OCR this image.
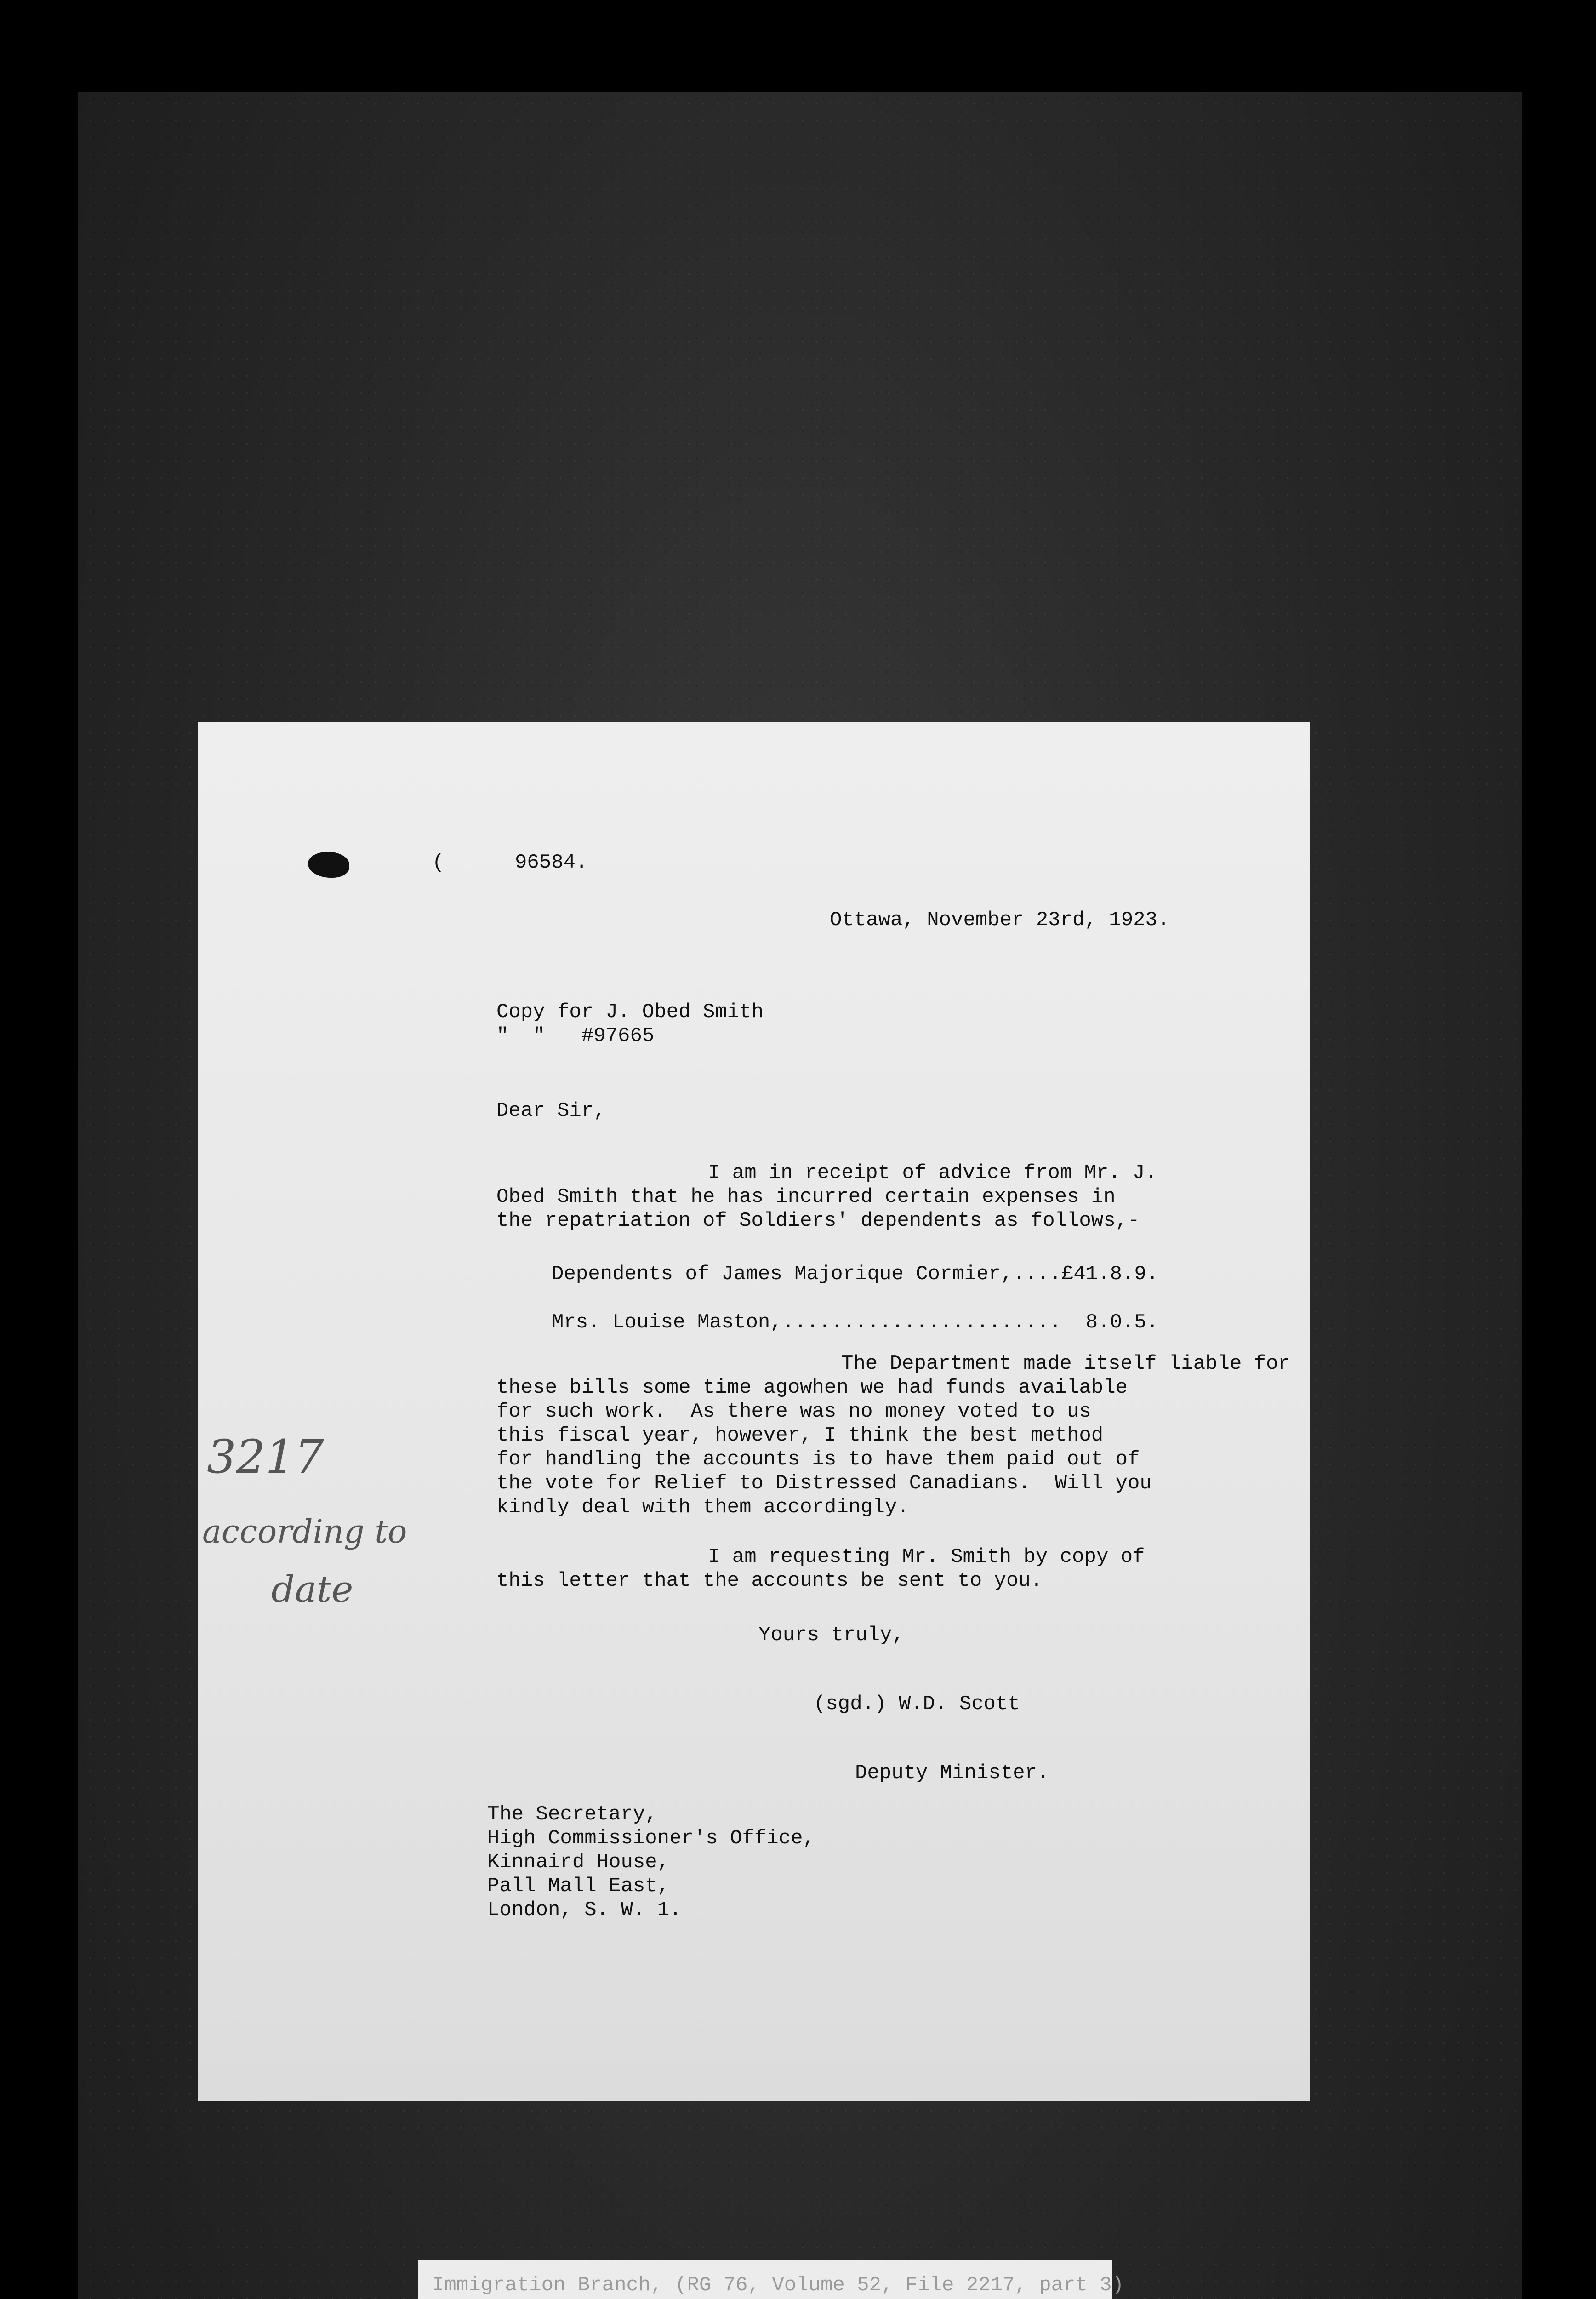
(	96584.
Ottawa, November 23rd, 1923.
Copy for J. Obed Smith
"  "   #97665
Dear Sir,
I am in receipt of advice from Mr. J.
Obed Smith that he has incurred certain expenses in
the repatriation of Soldiers' dependents as follows,-
Dependents of James Majorique Cormier,....£41.8.9.
Mrs. Louise Maston,.......................  8.0.5.
The Department made itself liable for
these bills some time agowhen we had funds available
for such work.  As there was no money voted to us
this fiscal year, however, I think the best method
for handling the accounts is to have them paid out of
the vote for Relief to Distressed Canadians.  Will you
kindly deal with them accordingly.
I am requesting Mr. Smith by copy of
this letter that the accounts be sent to you.
Yours truly,
(sgd.) W.D. Scott
Deputy Minister.
The Secretary,
High Commissioner's Office,
Kinnaird House,
Pall Mall East,
London, S. W. 1.
3217
according to
date
Immigration Branch, (RG 76, Volume 52, File 2217, part 3)
